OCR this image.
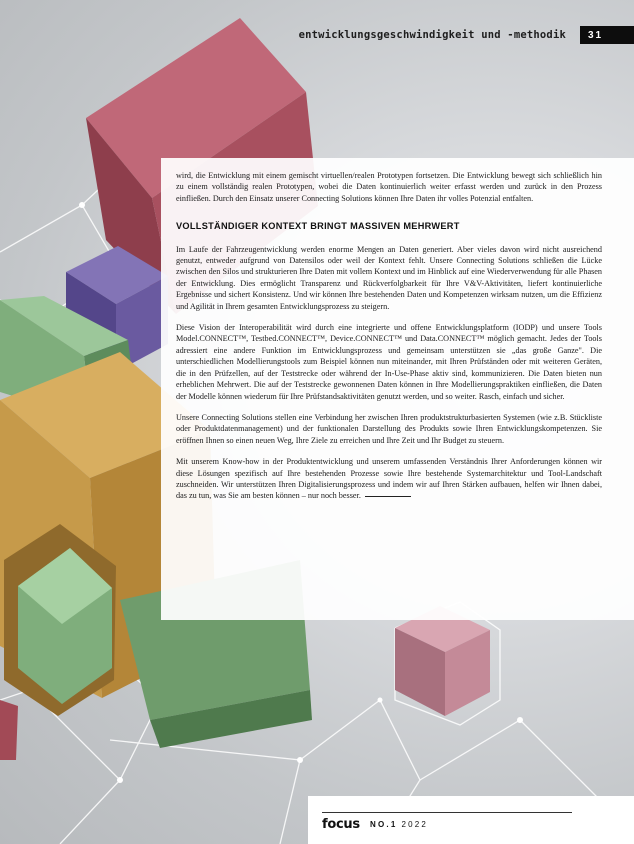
entwicklungsgeschwindigkeit und -methodik	31

wird, die Entwicklung mit einem gemischt virtuellen/realen Prototypen fortsetzen. Die Entwicklung bewegt sich schließlich hin zu einem vollständig realen Prototypen, wobei die Daten kontinuierlich weiter erfasst werden und zurück in den Prozess einfließen. Durch den Einsatz unserer Connecting Solutions können Ihre Daten ihr volles Potenzial entfalten.

VOLLSTÄNDIGER KONTEXT BRINGT MASSIVEN MEHRWERT

Im Laufe der Fahrzeugentwicklung werden enorme Mengen an Daten generiert. Aber vieles davon wird nicht ausreichend genutzt, entweder aufgrund von Datensilos oder weil der Kontext fehlt. Unsere Connecting Solutions schließen die Lücke zwischen den Silos und strukturieren Ihre Daten mit vollem Kontext und im Hinblick auf eine Wiederverwendung für alle Phasen der Entwicklung. Dies ermöglicht Transparenz und Rückverfolgbarkeit für Ihre V&V-Aktivitäten, liefert kontinuierliche Ergebnisse und sichert Konsistenz. Und wir können Ihre bestehenden Daten und Kompetenzen wirksam nutzen, um die Effizienz und Agilität in Ihrem gesamten Entwicklungsprozess zu steigern.

Diese Vision der Interoperabilität wird durch eine integrierte und offene Entwicklungsplatform (IODP) und unsere Tools Model.CONNECT™, Testbed.CONNECT™, Device.CONNECT™ und Data.CONNECT™ möglich gemacht. Jedes der Tools adressiert eine andere Funktion im Entwicklungsprozess und gemeinsam unterstützen sie „das große Ganze". Die unterschiedlichen Modellierungstools zum Beispiel können nun miteinander, mit Ihren Prüfständen oder mit weiteren Geräten, die in den Prüfzellen, auf der Teststrecke oder während der In-Use-Phase aktiv sind, kommunizieren. Die Daten bieten nun erheblichen Mehrwert. Die auf der Teststrecke gewonnenen Daten können in Ihre Modellierungspraktiken einfließen, die Daten der Modelle können wiederum für Ihre Prüfstandsaktivitäten genutzt werden, und so weiter. Rasch, einfach und sicher.

Unsere Connecting Solutions stellen eine Verbindung her zwischen Ihren produktstrukturbasierten Systemen (wie z.B. Stückliste oder Produktdatenmanagement) und der funktionalen Darstellung des Produkts sowie Ihren Entwicklungskompetenzen. Sie eröffnen Ihnen so einen neuen Weg, Ihre Ziele zu erreichen und Ihre Zeit und Ihr Budget zu steuern.

Mit unserem Know-how in der Produktentwicklung und unserem umfassenden Verständnis Ihrer Anforderungen können wir diese Lösungen spezifisch auf Ihre bestehenden Prozesse sowie Ihre bestehende Systemarchitektur und Tool-Landschaft zuschneiden. Wir unterstützen Ihren Digitalisierungsprozess und indem wir auf Ihren Stärken aufbauen, helfen wir Ihnen dabei, das zu tun, was Sie am besten können – nur noch besser.

focus NO.1 2022
